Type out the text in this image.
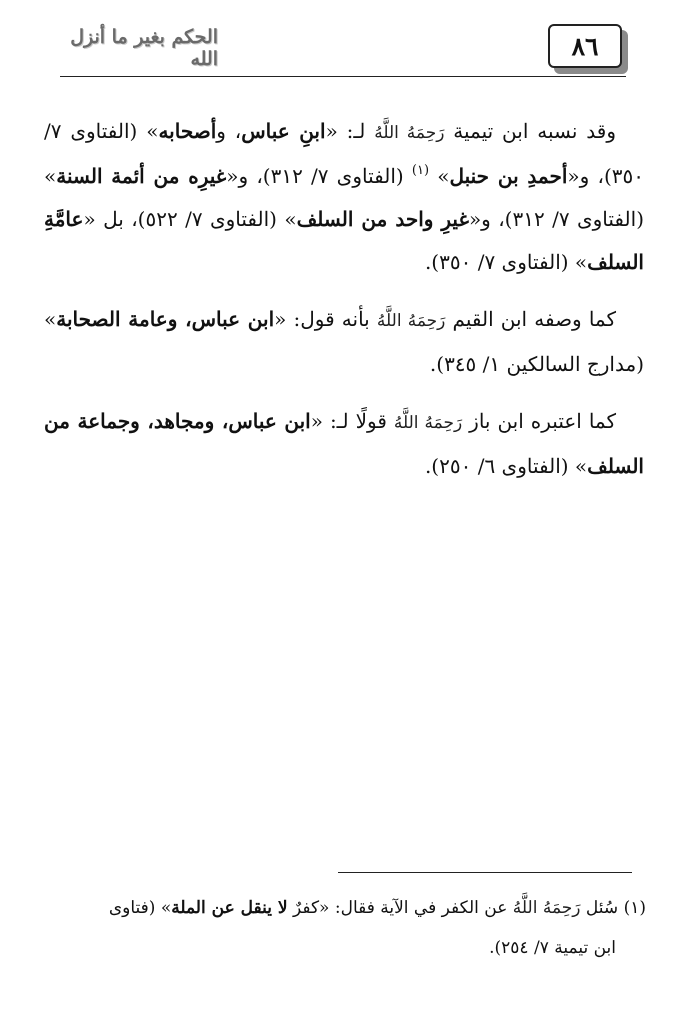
٨٦
الحكم بغير ما أنزل الله

وقد نسبه ابن تيمية رَحِمَهُ اللَّهُ لـ: «ابنِ عباس، وأصحابه» (الفتاوى ٧/ ٣٥٠)، و«أحمدِ بن حنبل» $^{(١)}$ (الفتاوى ٧/ ٣١٢)، و«غيرِه من أئمة السنة» (الفتاوى ٧/ ٣١٢)، و«غيرِ واحد من السلف» (الفتاوى ٧/ ٥٢٢)، بل «عامَّةِ السلف» (الفتاوى ٧/ ٣٥٠).

كما وصفه ابن القيم رَحِمَهُ اللَّهُ بأنه قول: «ابن عباس، وعامة الصحابة» (مدارج السالكين ١/ ٣٤٥).

كما اعتبره ابن باز رَحِمَهُ اللَّهُ قولًا لـ: «ابن عباس، ومجاهد، وجماعة من السلف» (الفتاوى ٦/ ٢٥٠).

(١) سُئل رَحِمَهُ اللَّهُ عن الكفر في الآية فقال: «كفرٌ لا ينقل عن الملة» (فتاوى
ابن تيمية ٧/ ٢٥٤).
